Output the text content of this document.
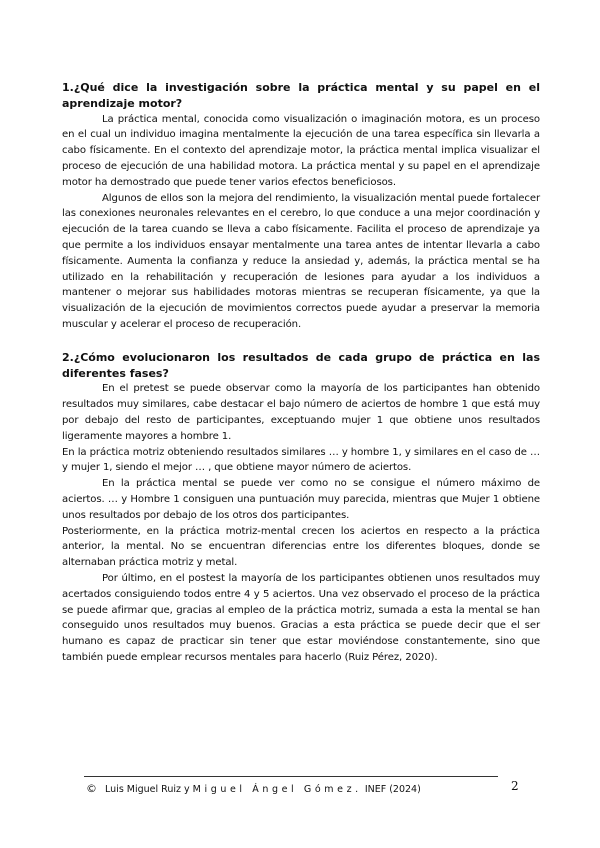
1.¿Qué dice la investigación sobre la práctica mental y su papel en el aprendizaje motor?

La práctica mental, conocida como visualización o imaginación motora, es un proceso en el cual un individuo imagina mentalmente la ejecución de una tarea específica sin llevarla a cabo físicamente. En el contexto del aprendizaje motor, la práctica mental implica visualizar el proceso de ejecución de una habilidad motora. La práctica mental y su papel en el aprendizaje motor ha demostrado que puede tener varios efectos beneficiosos.

Algunos de ellos son la mejora del rendimiento, la visualización mental puede fortalecer las conexiones neuronales relevantes en el cerebro, lo que conduce a una mejor coordinación y ejecución de la tarea cuando se lleva a cabo físicamente. Facilita el proceso de aprendizaje ya que permite a los individuos ensayar mentalmente una tarea antes de intentar llevarla a cabo físicamente. Aumenta la confianza y reduce la ansiedad y, además, la práctica mental se ha utilizado en la rehabilitación y recuperación de lesiones para ayudar a los individuos a mantener o mejorar sus habilidades motoras mientras se recuperan físicamente, ya que la visualización de la ejecución de movimientos correctos puede ayudar a preservar la memoria muscular y acelerar el proceso de recuperación.

2.¿Cómo evolucionaron los resultados de cada grupo de práctica en las diferentes fases?

En el pretest se puede observar como la mayoría de los participantes han obtenido resultados muy similares, cabe destacar el bajo número de aciertos de hombre 1 que está muy por debajo del resto de participantes, exceptuando mujer 1 que obtiene unos resultados ligeramente mayores a hombre 1.

En la práctica motriz obteniendo resultados similares … y hombre 1, y similares en el caso de … y mujer 1, siendo el mejor … , que obtiene mayor número de aciertos.

En la práctica mental se puede ver como no se consigue el número máximo de aciertos. … y Hombre 1 consiguen una puntuación muy parecida, mientras que Mujer 1 obtiene unos resultados por debajo de los otros dos participantes.

Posteriormente, en la práctica motriz-mental crecen los aciertos en respecto a la práctica anterior, la mental. No se encuentran diferencias entre los diferentes bloques, donde se alternaban práctica motriz y metal.

Por último, en el postest la mayoría de los participantes obtienen unos resultados muy acertados consiguiendo todos entre 4 y 5 aciertos. Una vez observado el proceso de la práctica se puede afirmar que, gracias al empleo de la práctica motriz, sumada a esta la mental se han conseguido unos resultados muy buenos. Gracias a esta práctica se puede decir que el ser humano es capaz de practicar sin tener que estar moviéndose constantemente, sino que también puede emplear recursos mentales para hacerlo (Ruiz Pérez, 2020).

© Luis Miguel Ruiz y Miguel Ángel Gómez. INEF (2024)	2
